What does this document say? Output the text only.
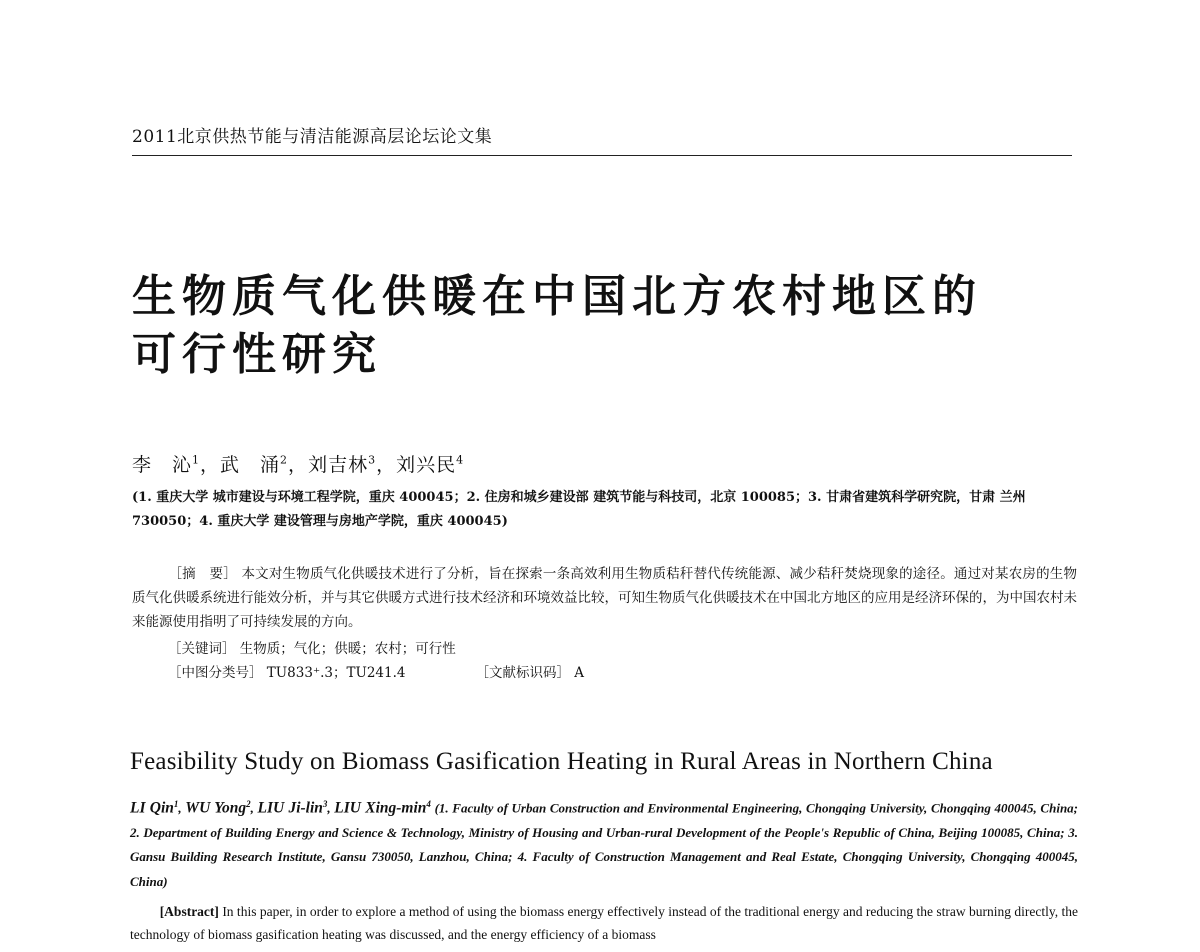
2011北京供热节能与清洁能源高层论坛论文集
生物质气化供暖在中国北方农村地区的
可行性研究
李　沁$^1$，武　涌$^2$，刘吉林$^3$，刘兴民$^4$
(1. 重庆大学 城市建设与环境工程学院，重庆 400045；2. 住房和城乡建设部 建筑节能与科技司，北京 100085；3. 甘肃省建筑科学研究院，甘肃 兰州 730050；4. 重庆大学 建设管理与房地产学院，重庆 400045)

［摘　要］ 本文对生物质气化供暖技术进行了分析，旨在探索一条高效利用生物质秸秆替代传统能源、减少秸秆焚烧现象的途径。通过对某农房的生物质气化供暖系统进行能效分析，并与其它供暖方式进行技术经济和环境效益比较，可知生物质气化供暖技术在中国北方地区的应用是经济环保的，为中国农村未来能源使用指明了可持续发展的方向。

［关键词］ 生物质；气化；供暖；农村；可行性
［中图分类号］ TU833⁺.3；TU241.4	［文献标识码］ A
Feasibility Study on Biomass Gasification Heating in Rural Areas in Northern China
LI Qin$^1$, WU Yong$^2$, LIU Ji-lin$^3$, LIU Xing-$\min^4$ (1. Faculty of Urban Construction and Environmental Engineering, Chongqing University, Chongqing 400045, China; 2. Department of Building Energy and Science & Technology, Ministry of Housing and Urban-rural Development of the People's Republic of China, Beijing 100085, China; 3. Gansu Building Research Institute, Gansu 730050, Lanzhou, China; 4. Faculty of Construction Management and Real Estate, Chongqing University, Chongqing 400045, China)

[Abstract] In this paper, in order to explore a method of using the biomass energy effectively instead of the traditional energy and reducing the straw burning directly, the technology of biomass gasification heating was discussed, and the energy efficiency of a biomass
